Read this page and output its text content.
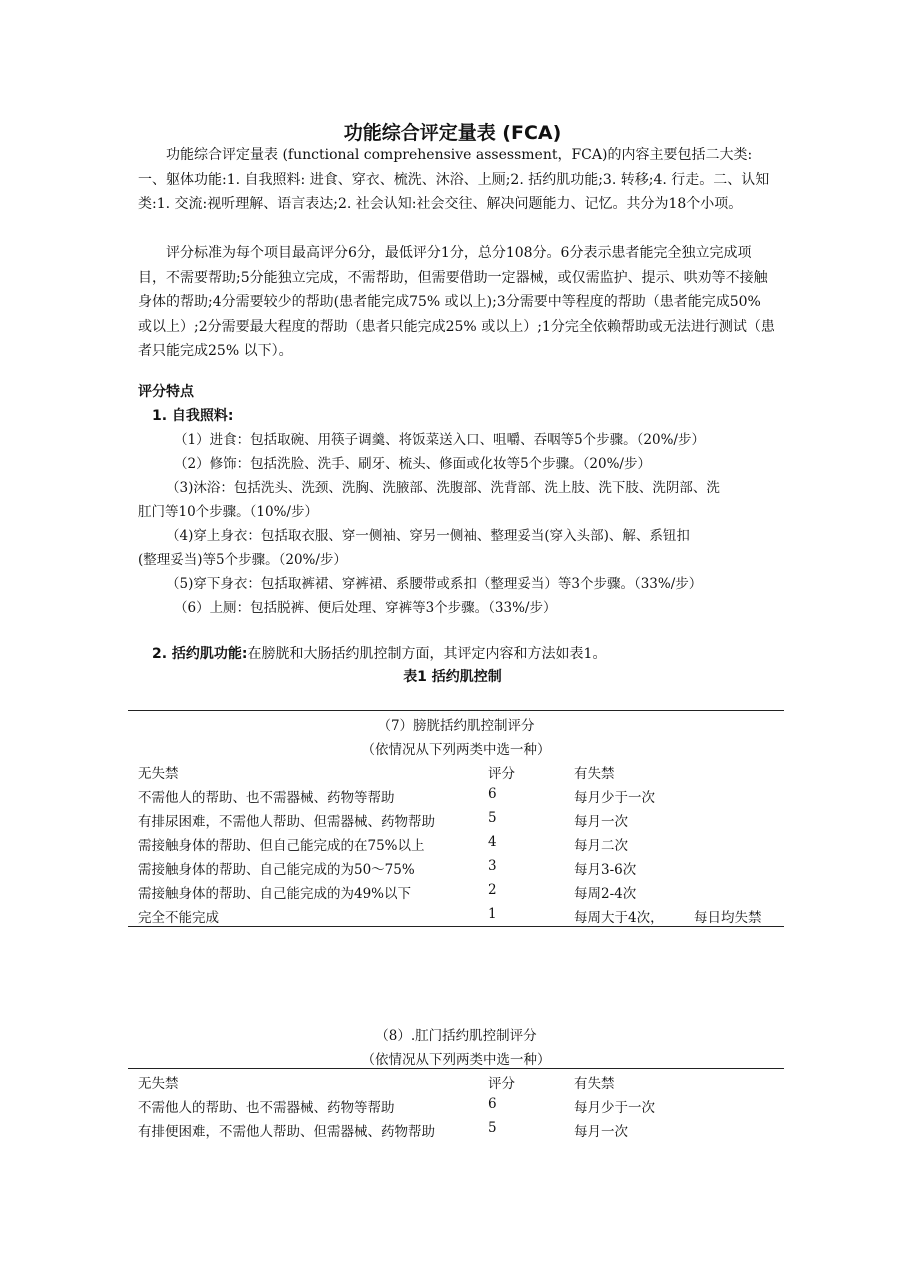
功能综合评定量表 (FCA)

功能综合评定量表 (functional comprehensive assessment，FCA)的内容主要包括二大类:一、躯体功能:1. 自我照料: 进食、穿衣、梳洗、沐浴、上厕;2. 括约肌功能;3. 转移;4. 行走。二、认知类:1. 交流:视听理解、语言表达;2. 社会认知:社会交往、解决问题能力、记忆。共分为18个小项。

评分标准为每个项目最高评分6分，最低评分1分，总分108分。6分表示患者能完全独立完成项目，不需要帮助;5分能独立完成，不需帮助，但需要借助一定器械，或仅需监护、提示、哄劝等不接触身体的帮助;4分需要较少的帮助(患者能完成75% 或以上);3分需要中等程度的帮助（患者能完成50% 或以上）;2分需要最大程度的帮助（患者只能完成25% 或以上）;1分完全依赖帮助或无法进行测试（患者只能完成25% 以下）。

评分特点
1. 自我照料:
（1）进食：包括取碗、用筷子调羹、将饭菜送入口、咀嚼、吞咽等5个步骤。（20%/步）
（2）修饰：包括洗脸、洗手、刷牙、梳头、修面或化妆等5个步骤。（20%/步）
（3)沐浴：包括洗头、洗颈、洗胸、洗腋部、洗腹部、洗背部、洗上肢、洗下肢、洗阴部、洗
肛门等10个步骤。（10%/步）
（4)穿上身衣：包括取衣服、穿一侧袖、穿另一侧袖、整理妥当(穿入头部)、解、系钮扣
(整理妥当)等5个步骤。（20%/步）
（5)穿下身衣：包括取裤裙、穿裤裙、系腰带或系扣（整理妥当）等3个步骤。（33%/步）
（6）上厕：包括脱裤、便后处理、穿裤等3个步骤。（33%/步）
2. 括约肌功能:在膀胱和大肠括约肌控制方面，其评定内容和方法如表1。
表1 括约肌控制
（7）膀胱括约肌控制评分
（依情况从下列两类中选一种）
无失禁	评分	有失禁
不需他人的帮助、也不需器械、药物等帮助	6	每月少于一次
有排尿困难，不需他人帮助、但需器械、药物帮助	5	每月一次
需接触身体的帮助、但自己能完成的在75%以上	4	每月二次
需接触身体的帮助、自己能完成的为50～75%	3	每月3-6次
需接触身体的帮助、自己能完成的为49%以下	2	每周2-4次
完全不能完成	1	每周大于4次， 每日均失禁
（8）.肛门括约肌控制评分
（依情况从下列两类中选一种）
无失禁	评分	有失禁
不需他人的帮助、也不需器械、药物等帮助	6	每月少于一次
有排便困难，不需他人帮助、但需器械、药物帮助	5	每月一次
